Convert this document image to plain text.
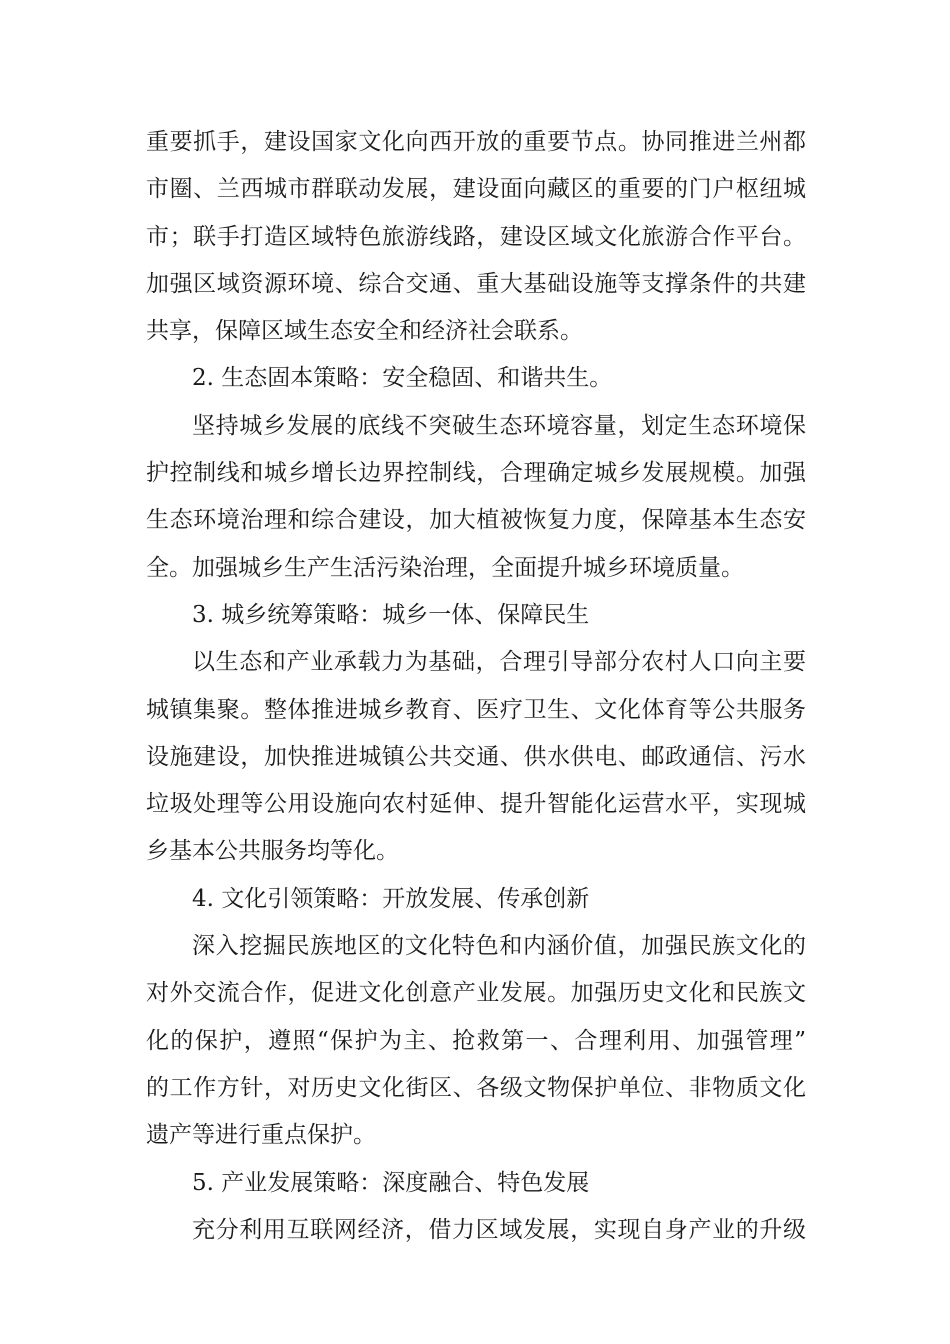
重要抓手，建设国家文化向西开放的重要节点。协同推进兰州都
市圈、兰西城市群联动发展，建设面向藏区的重要的门户枢纽城
市；联手打造区域特色旅游线路，建设区域文化旅游合作平台。
加强区域资源环境、综合交通、重大基础设施等支撑条件的共建
共享，保障区域生态安全和经济社会联系。
2. 生态固本策略：安全稳固、和谐共生。
坚持城乡发展的底线不突破生态环境容量，划定生态环境保
护控制线和城乡增长边界控制线，合理确定城乡发展规模。加强
生态环境治理和综合建设，加大植被恢复力度，保障基本生态安
全。加强城乡生产生活污染治理，全面提升城乡环境质量。
3. 城乡统筹策略：城乡一体、保障民生
以生态和产业承载力为基础，合理引导部分农村人口向主要
城镇集聚。整体推进城乡教育、医疗卫生、文化体育等公共服务
设施建设，加快推进城镇公共交通、供水供电、邮政通信、污水
垃圾处理等公用设施向农村延伸、提升智能化运营水平，实现城
乡基本公共服务均等化。
4. 文化引领策略：开放发展、传承创新
深入挖掘民族地区的文化特色和内涵价值，加强民族文化的
对外交流合作，促进文化创意产业发展。加强历史文化和民族文
化的保护，遵照“保护为主、抢救第一、合理利用、加强管理”
的工作方针，对历史文化街区、各级文物保护单位、非物质文化
遗产等进行重点保护。
5. 产业发展策略：深度融合、特色发展
充分利用互联网经济，借力区域发展，实现自身产业的升级
